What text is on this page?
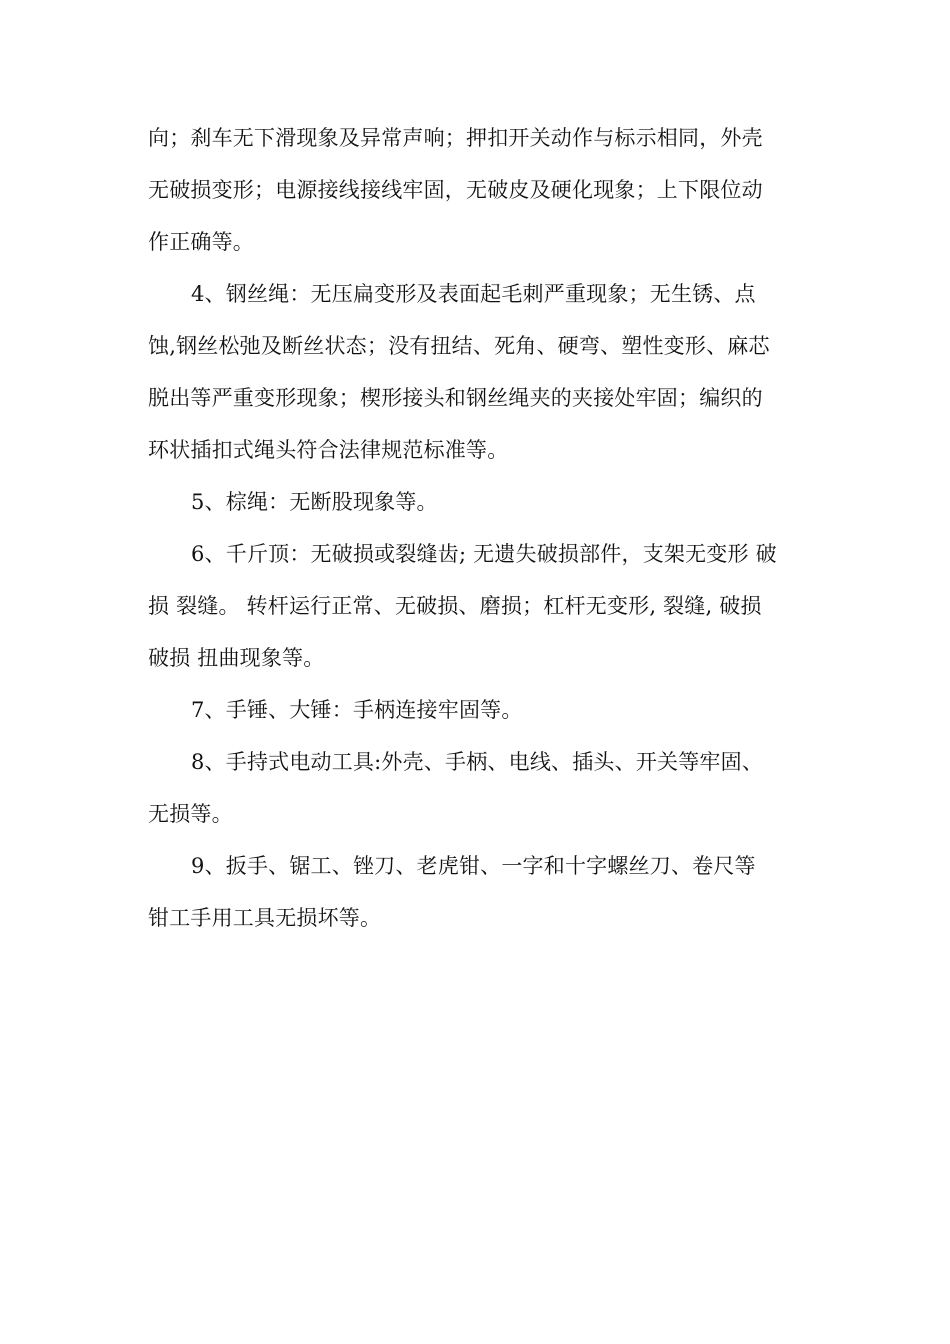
向；刹车无下滑现象及异常声响；押扣开关动作与标示相同，外壳
无破损变形；电源接线接线牢固，无破皮及硬化现象；上下限位动
作正确等。
4、钢丝绳：无压扁变形及表面起毛刺严重现象；无生锈、点
蚀,钢丝松弛及断丝状态；没有扭结、死角、硬弯、塑性变形、麻芯
脱出等严重变形现象；楔形接头和钢丝绳夹的夹接处牢固；编织的
环状插扣式绳头符合法律规范标准等。
5、棕绳：无断股现象等。
6、千斤顶：无破损或裂缝齿; 无遗失破损部件，支架无变形 破
损 裂缝。 转杆运行正常、无破损、磨损；杠杆无变形, 裂缝, 破损
破损 扭曲现象等。
7、手锤、大锤：手柄连接牢固等。
8、手持式电动工具:外壳、手柄、电线、插头、开关等牢固、
无损等。
9、扳手、锯工、锉刀、老虎钳、一字和十字螺丝刀、卷尺等
钳工手用工具无损坏等。
